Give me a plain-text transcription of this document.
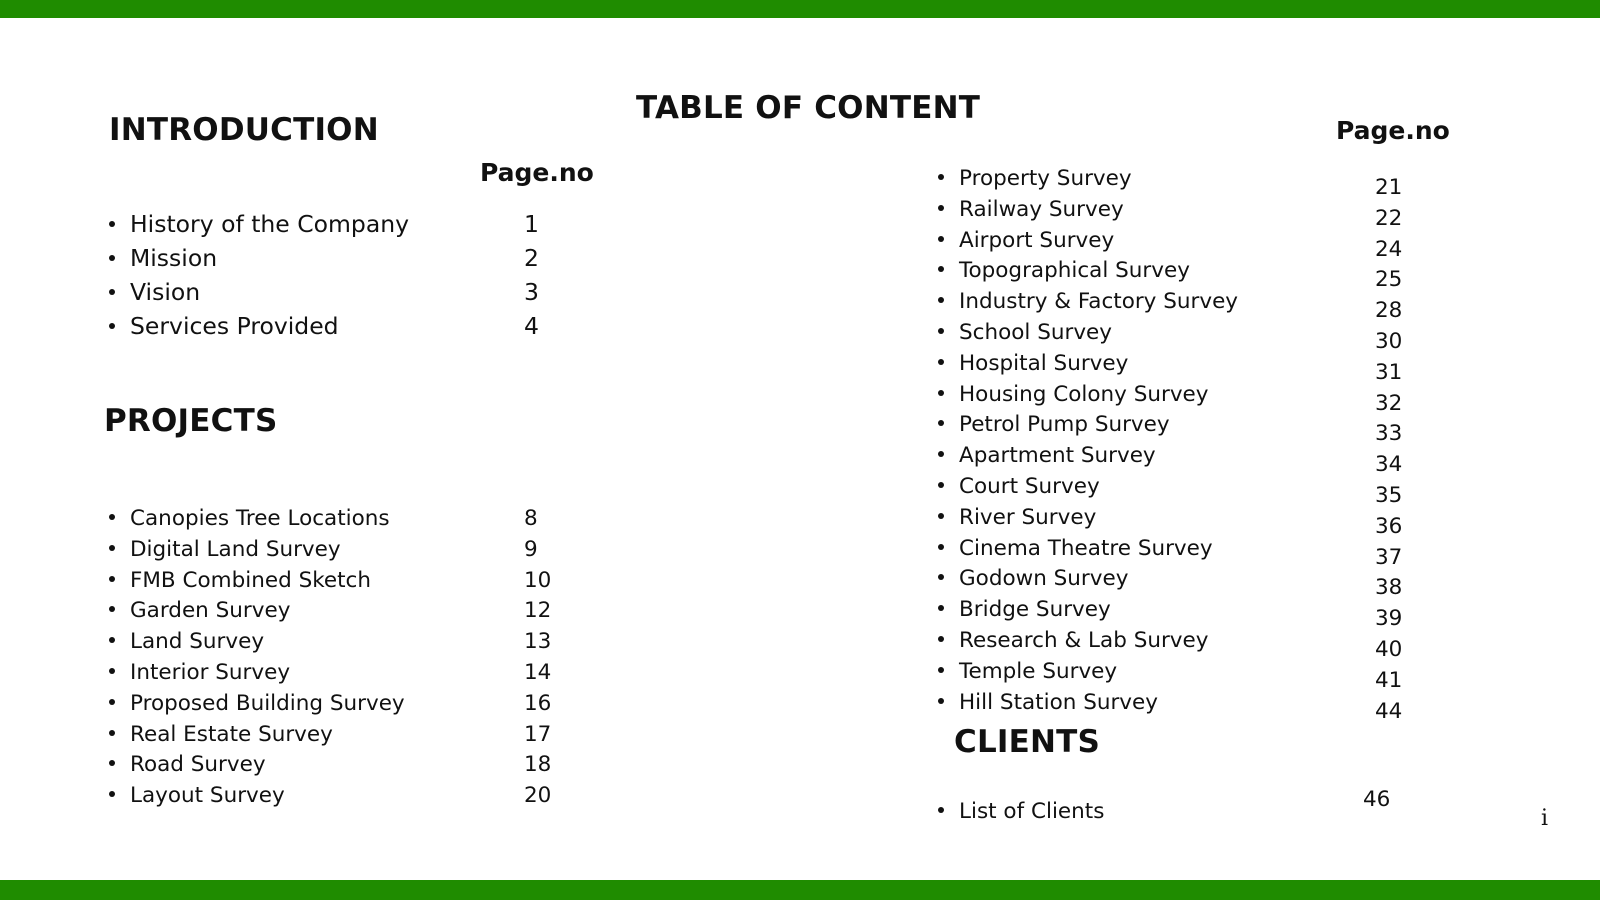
TABLE OF CONTENT
INTRODUCTION
Page.no
History of the Company	1
Mission	2
Vision	3
Services Provided	4
PROJECTS
Canopies Tree Locations	8
Digital Land Survey	9
FMB Combined Sketch	10
Garden Survey	12
Land Survey	13
Interior Survey	14
Proposed Building Survey	16
Real Estate Survey	17
Road Survey	18
Layout Survey	20
Page.no
Property Survey	21
Railway Survey	22
Airport Survey	24
Topographical Survey	25
Industry & Factory Survey	28
School Survey	30
Hospital Survey	31
Housing Colony Survey	32
Petrol Pump Survey	33
Apartment Survey	34
Court Survey	35
River Survey	36
Cinema Theatre Survey	37
Godown Survey	38
Bridge Survey	39
Research & Lab Survey	40
Temple Survey	41
Hill Station Survey	44
CLIENTS
List of Clients	46
i
